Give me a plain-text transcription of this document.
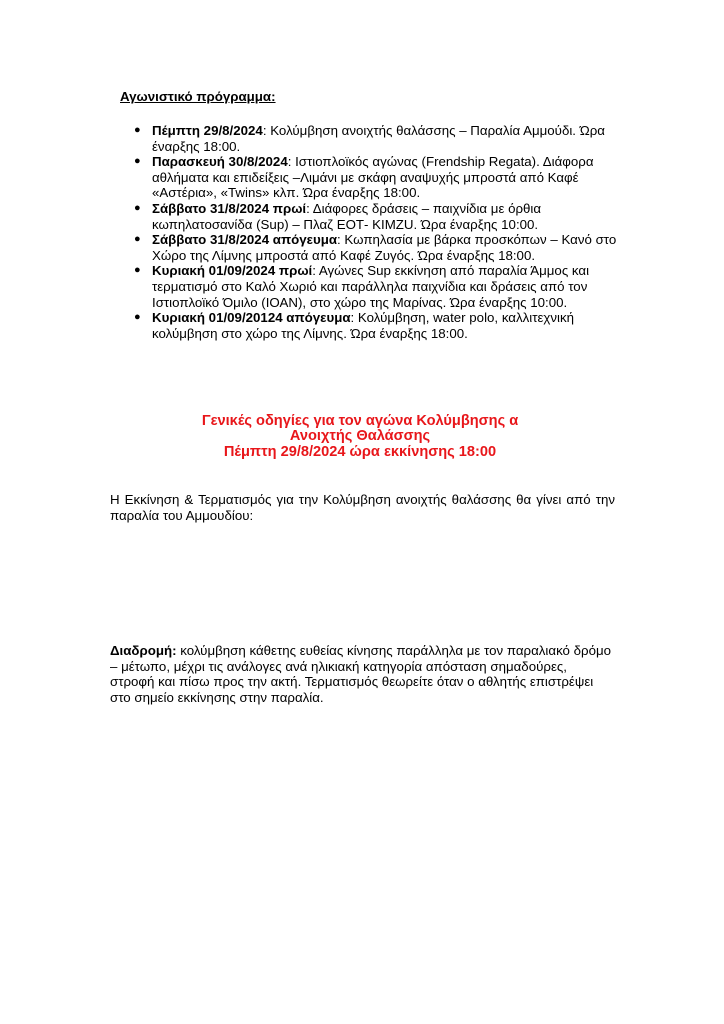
Αγωνιστικό πρόγραμμα:
● Πέμπτη 29/8/2024: Κολύμβηση ανοιχτής θαλάσσης – Παραλία Αμμούδι. Ώρα έναρξης 18:00.
● Παρασκευή 30/8/2024: Ιστιοπλοϊκός αγώνας (Frendship Regata). Διάφορα αθλήματα και επιδείξεις –Λιμάνι με σκάφη αναψυχής μπροστά από Καφέ «Αστέρια», «Twins» κλπ. Ώρα έναρξης 18:00.
● Σάββατο 31/8/2024 πρωί: Διάφορες δράσεις – παιχνίδια με όρθια κωπηλατοσανίδα (Sup) – Πλαζ ΕΟΤ- KIMZU. Ώρα έναρξης 10:00.
● Σάββατο 31/8/2024 απόγευμα: Κωπηλασία με βάρκα προσκόπων – Κανό στο Χώρο της Λίμνης μπροστά από Καφέ Ζυγός. Ώρα έναρξης 18:00.
● Κυριακή 01/09/2024 πρωί: Αγώνες Sup εκκίνηση από παραλία Άμμος και τερματισμό στο Καλό Χωριό και παράλληλα παιχνίδια και δράσεις από τον Ιστιοπλοϊκό Όμιλο (ΙΟΑΝ), στο χώρο της Μαρίνας. Ώρα έναρξης 10:00.
● Κυριακή 01/09/20124 απόγευμα: Κολύμβηση, water polo, καλλιτεχνική κολύμβηση στο χώρο της Λίμνης. Ώρα έναρξης 18:00.
Γενικές οδηγίες για τον αγώνα Κολύμβησης α
Ανοιχτής Θαλάσσης
Πέμπτη 29/8/2024 ώρα εκκίνησης 18:00
Η Εκκίνηση & Τερματισμός για την Κολύμβηση ανοιχτής θαλάσσης θα γίνει από την παραλία του Αμμουδίου:
Διαδρομή: κολύμβηση κάθετης ευθείας κίνησης παράλληλα με τον παραλιακό δρόμο – μέτωπο, μέχρι τις ανάλογες ανά ηλικιακή κατηγορία απόσταση σημαδούρες, στροφή και πίσω προς την ακτή. Τερματισμός θεωρείτε όταν ο αθλητής επιστρέψει στο σημείο εκκίνησης στην παραλία.
